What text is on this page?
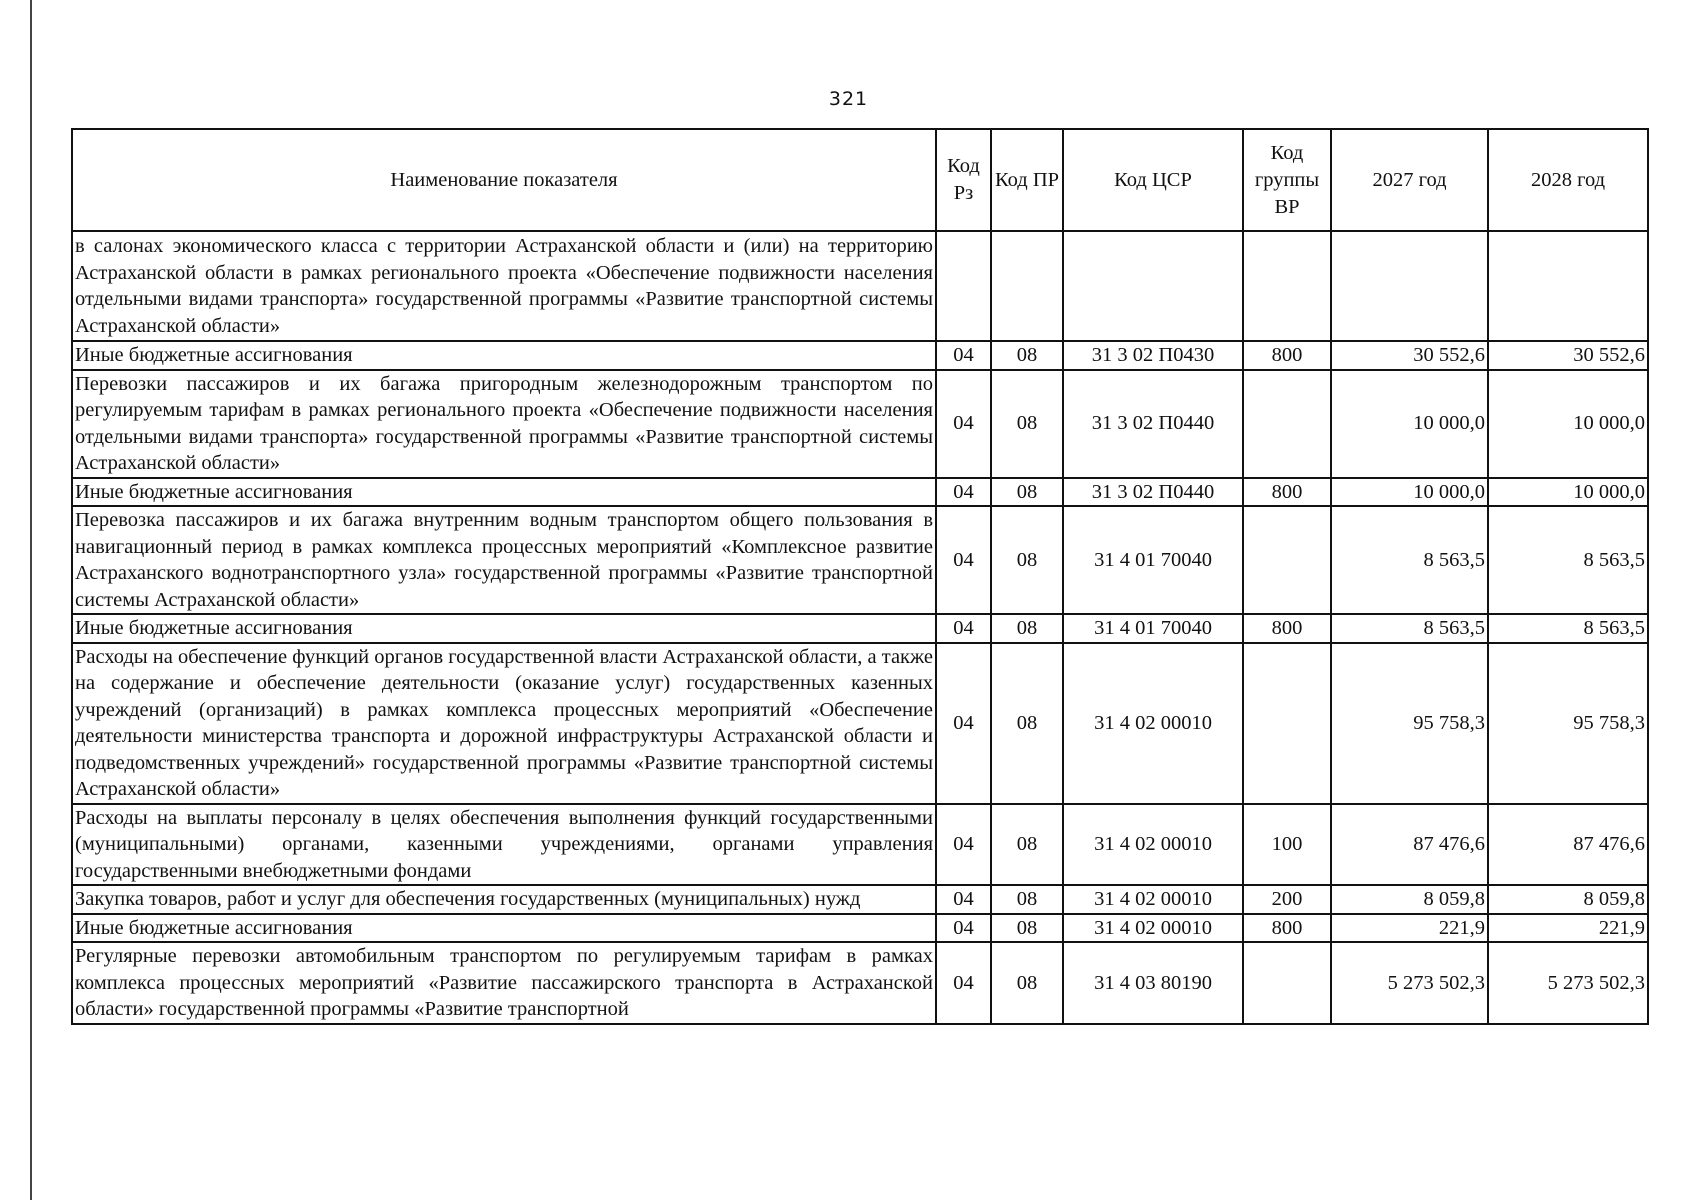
321
Наименование показателя	Код Рз	Код ПР	Код ЦСР	Код группы ВР	2027 год	2028 год
в салонах экономического класса с территории Астраханской области и (или) на территорию Астраханской области в рамках регионального проекта «Обеспечение подвижности населения отдельными видами транспорта» государственной программы «Развитие транспортной системы Астраханской области»						
Иные бюджетные ассигнования	04	08	31 3 02 П0430	800	30 552,6	30 552,6
Перевозки пассажиров и их багажа пригородным железнодорожным транспортом по регулируемым тарифам в рамках регионального проекта «Обеспечение подвижности населения отдельными видами транспорта» государственной программы «Развитие транспортной системы Астраханской области»	04	08	31 3 02 П0440		10 000,0	10 000,0
Иные бюджетные ассигнования	04	08	31 3 02 П0440	800	10 000,0	10 000,0
Перевозка пассажиров и их багажа внутренним водным транспортом общего пользования в навигационный период в рамках комплекса процессных мероприятий «Комплексное развитие Астраханского воднотранспортного узла» государственной программы «Развитие транспортной системы Астраханской области»	04	08	31 4 01 70040		8 563,5	8 563,5
Иные бюджетные ассигнования	04	08	31 4 01 70040	800	8 563,5	8 563,5
Расходы на обеспечение функций органов государственной власти Астраханской области, а также на содержание и обеспечение деятельности (оказание услуг) государственных казенных учреждений (организаций) в рамках комплекса процессных мероприятий «Обеспечение деятельности министерства транспорта и дорожной инфраструктуры Астраханской области и подведомственных учреждений» государственной программы «Развитие транспортной системы Астраханской области»	04	08	31 4 02 00010		95 758,3	95 758,3
Расходы на выплаты персоналу в целях обеспечения выполнения функций государственными (муниципальными) органами, казенными учреждениями, органами управления государственными внебюджетными фондами	04	08	31 4 02 00010	100	87 476,6	87 476,6
Закупка товаров, работ и услуг для обеспечения государственных (муниципальных) нужд	04	08	31 4 02 00010	200	8 059,8	8 059,8
Иные бюджетные ассигнования	04	08	31 4 02 00010	800	221,9	221,9
Регулярные перевозки автомобильным транспортом по регулируемым тарифам в рамках комплекса процессных мероприятий «Развитие пассажирского транспорта в Астраханской области» государственной программы «Развитие транспортной	04	08	31 4 03 80190		5 273 502,3	5 273 502,3
